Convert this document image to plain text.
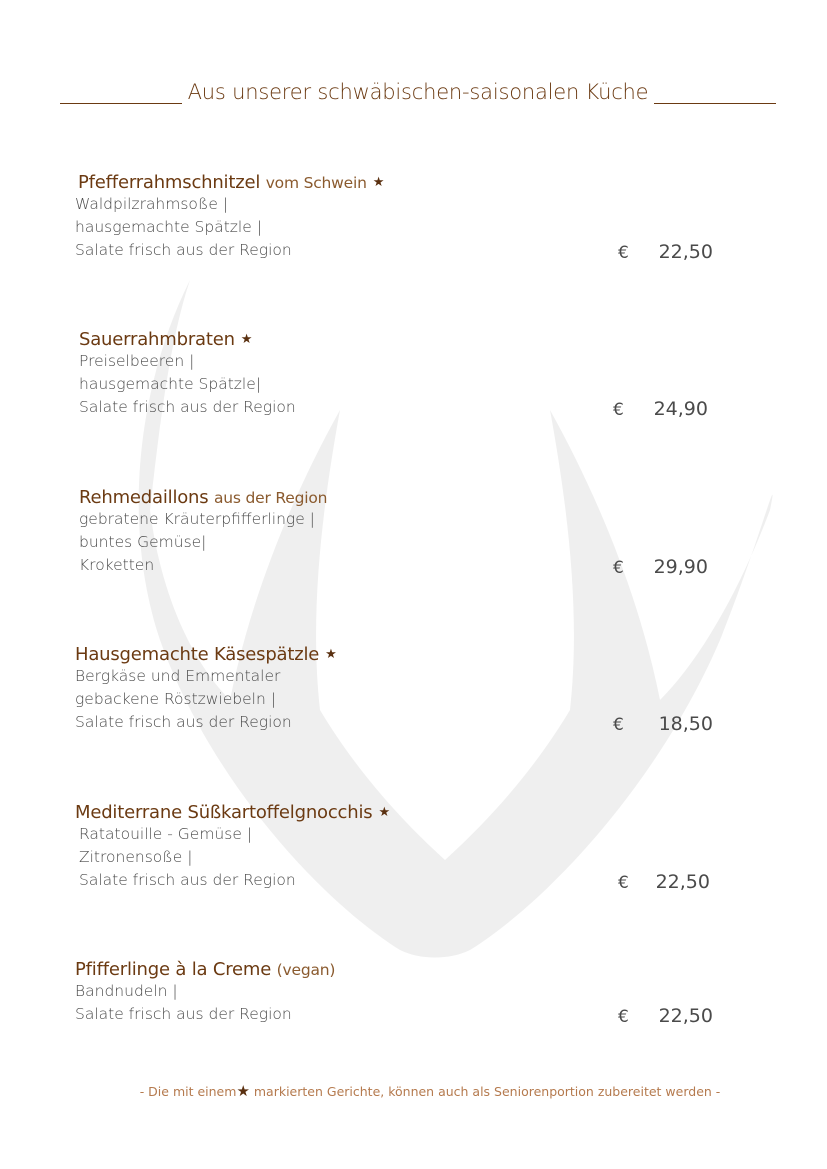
Aus unserer schwäbischen-saisonalen Küche
Pfefferrahmschnitzel vom Schwein ★
Waldpilzrahmsoße |
hausgemachte Spätzle |
Salate frisch aus der Region	€	22,50
Sauerrahmbraten ★
Preiselbeeren |
hausgemachte Spätzle|
Salate frisch aus der Region	€	24,90
Rehmedaillons aus der Region
gebratene Kräuterpfifferlinge |
buntes Gemüse|
Kroketten	€	29,90
Hausgemachte Käsespätzle ★
Bergkäse und Emmentaler
gebackene Röstzwiebeln |
Salate frisch aus der Region	€	18,50
Mediterrane Süßkartoffelgnocchis ★
Ratatouille - Gemüse |
Zitronensoße |
Salate frisch aus der Region	€	22,50
Pfifferlinge à la Creme (vegan)
Bandnudeln |
Salate frisch aus der Region	€	22,50
- Die mit einem★ markierten Gerichte, können auch als Seniorenportion zubereitet werden -
